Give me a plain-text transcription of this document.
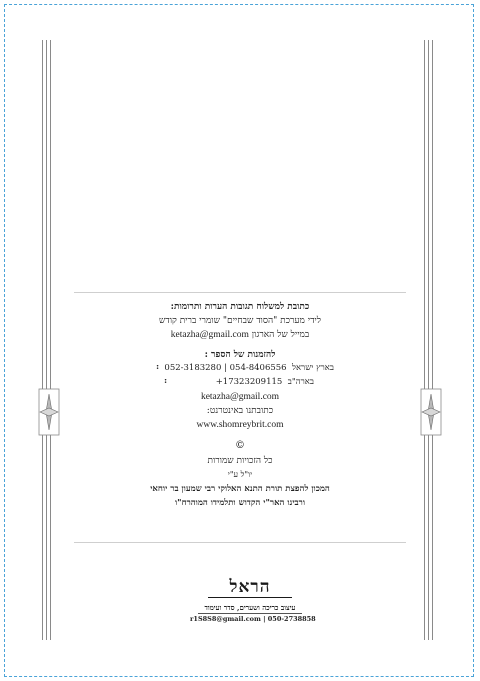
כתובת למשלוח תגובות הערות ותרומות:
לידי מערכת "הסוד שבחיים" שומרי ברית קודש
ketazha@gmail.com במייל של הארגון
להזמנות של הספר :
בארץ ישראל  052-3183280 | 054-8406556
:
בארה"ב  +17323209115
:
ketazha@gmail.com
כתובתנו באינטרנט:
www.shomreybrit.com
©
כל הזכויות שמורות
יו"ל ע"י
המכון להפצת תורת התנא האלוקי רבי שמעון בר יוחאי
ורבינו האר"י הקדוש ותלמידו המוהרח"ו
הראל
עיצוב כריכה ושערים, סדר ועימוד
r1S8S8@gmail.com | 050-2738858
